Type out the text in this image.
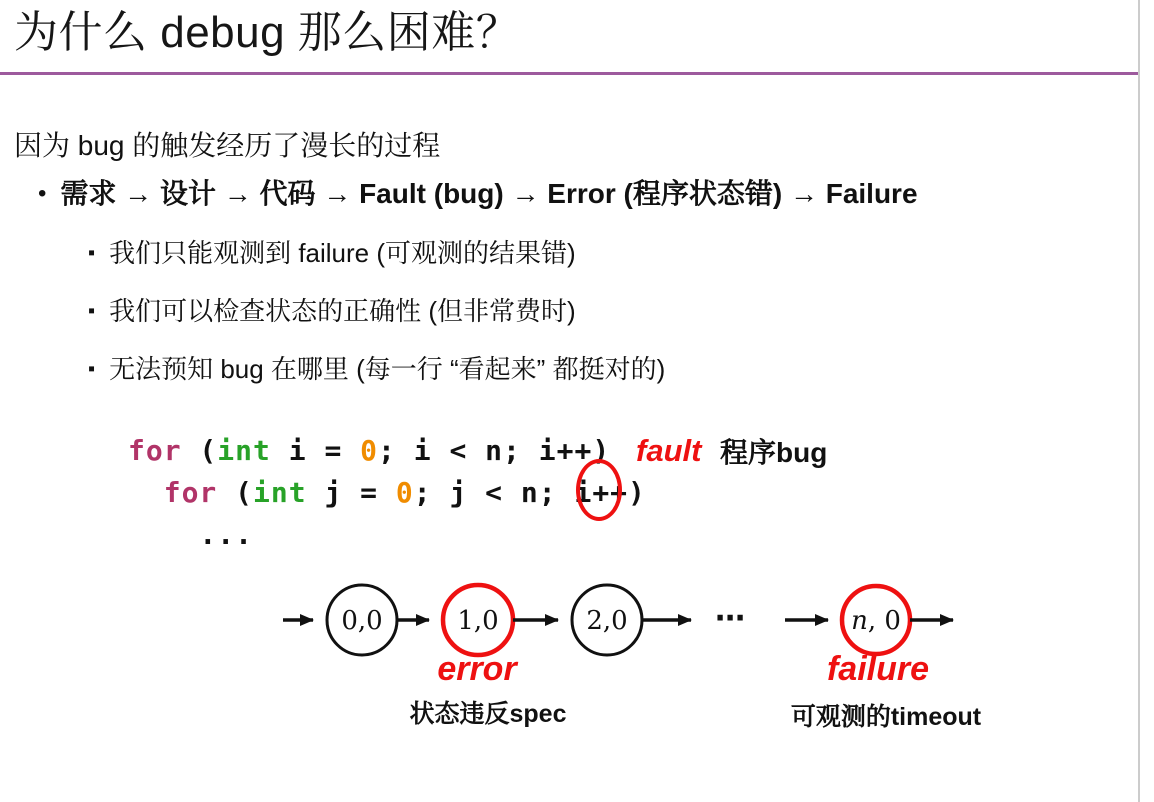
为什么 debug 那么困难？

因为 bug 的触发经历了漫长的过程

• 需求 → 设计 → 代码 → Fault (bug) → Error (程序状态错) → Failure
▪ 我们只能观测到 failure (可观测的结果错)
▪ 我们可以检查状态的正确性 (但非常费时)
▪ 无法预知 bug 在哪里 (每一行 “看起来” 都挺对的)
for (int i = 0; i < n; i++)
for (int j = 0; j < n; i++)
...
fault 程序bug
0,0	1,0	2,0	⋯	n, 0
error
状态违反spec
failure
可观测的timeout
